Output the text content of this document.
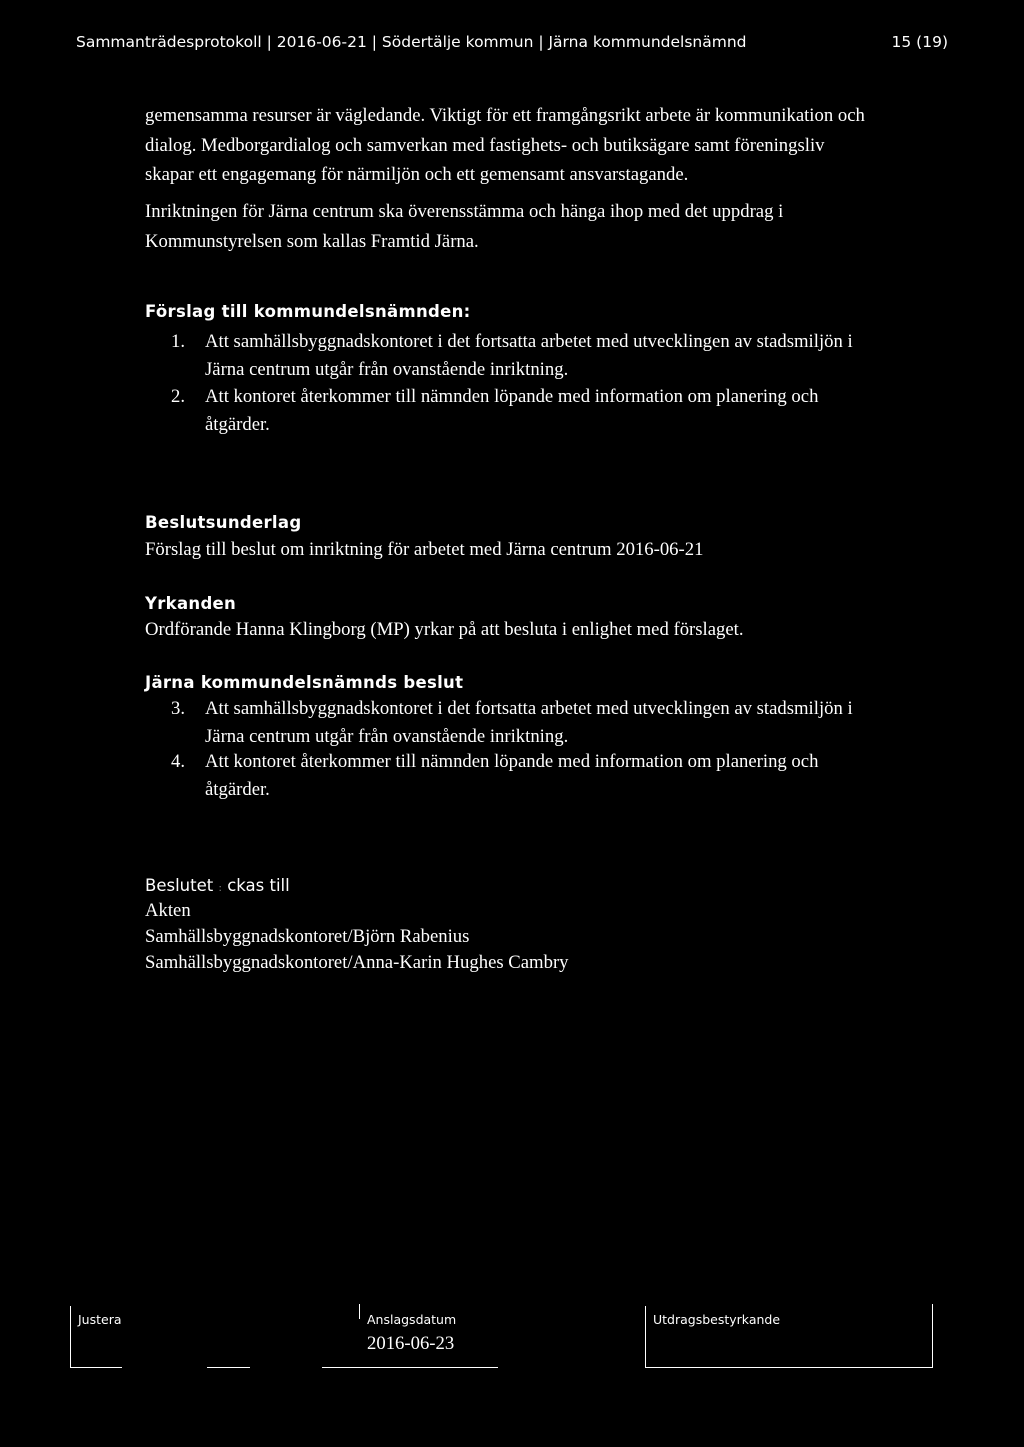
Sammanträdesprotokoll | 2016-06-21 | Södertälje kommun | Järna kommundelsnämnd	15 (19)
gemensamma resurser är vägledande. Viktigt för ett framgångsrikt arbete är kommunikation och
dialog. Medborgardialog och samverkan med fastighets- och butiksägare samt föreningsliv
skapar ett engagemang för närmiljön och ett gemensamt ansvarstagande.
Inriktningen för Järna centrum ska överensstämma och hänga ihop med det uppdrag i
Kommunstyrelsen som kallas Framtid Järna.
Förslag till kommundelsnämnden:
1. Att samhällsbyggnadskontoret i det fortsatta arbetet med utvecklingen av stadsmiljön i
Järna centrum utgår från ovanstående inriktning.
2. Att kontoret återkommer till nämnden löpande med information om planering och
åtgärder.
Beslutsunderlag
Förslag till beslut om inriktning för arbetet med Järna centrum 2016-06-21
Yrkanden
Ordförande Hanna Klingborg (MP) yrkar på att besluta i enlighet med förslaget.
Järna kommundelsnämnds beslut
3. Att samhällsbyggnadskontoret i det fortsatta arbetet med utvecklingen av stadsmiljön i
Järna centrum utgår från ovanstående inriktning.
4. Att kontoret återkommer till nämnden löpande med information om planering och
åtgärder.
Beslutet : ckas till
Akten
Samhällsbyggnadskontoret/Björn Rabenius
Samhällsbyggnadskontoret/Anna-Karin Hughes Cambry
Justera	Anslagsdatum
2016-06-23
Utdragsbestyrkande
